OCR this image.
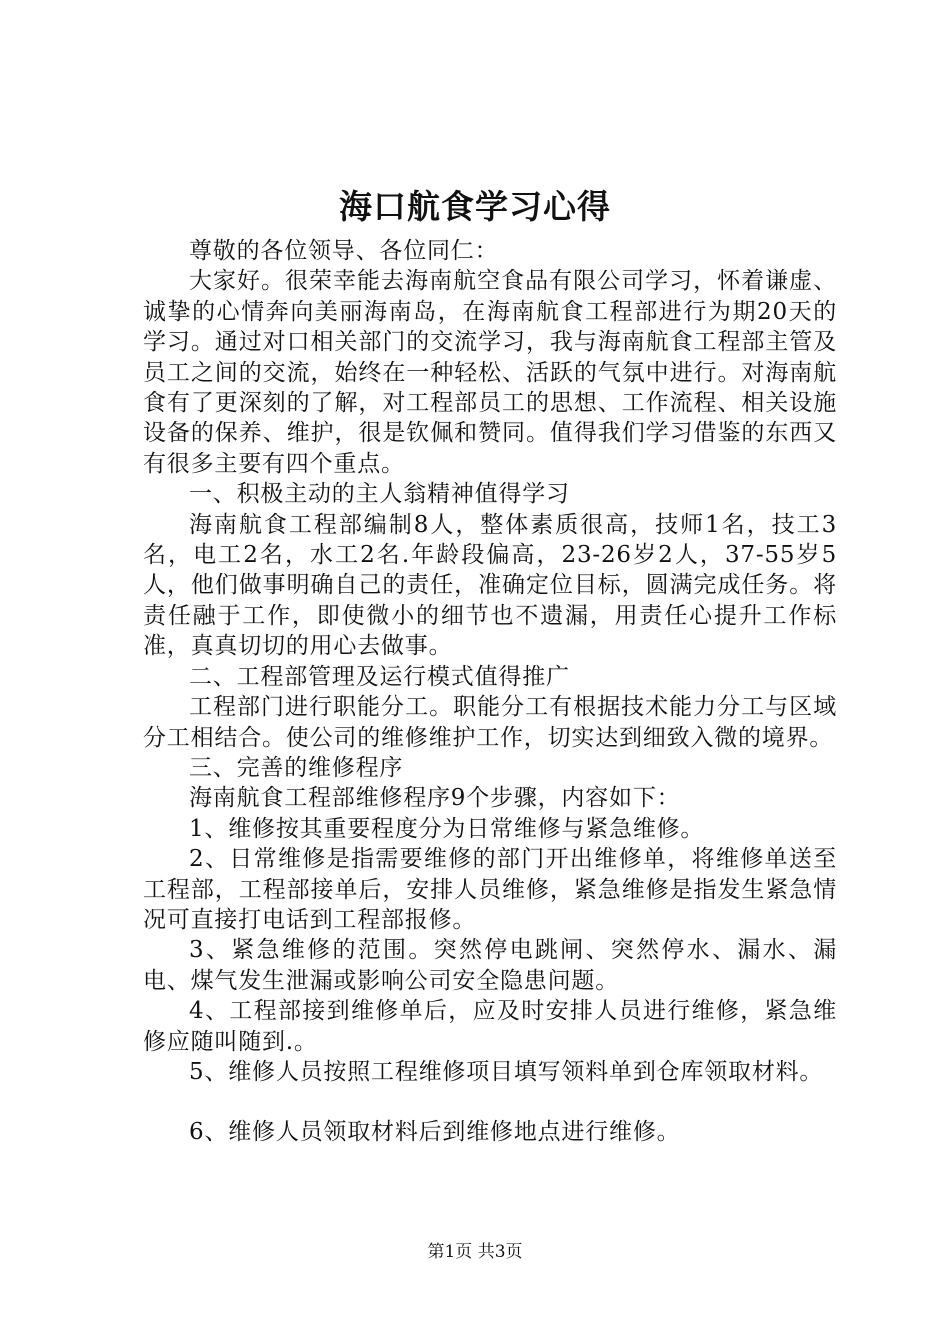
海口航食学习心得

尊敬的各位领导、各位同仁：

大家好。很荣幸能去海南航空食品有限公司学习，怀着谦虚、诚挚的心情奔向美丽海南岛，在海南航食工程部进行为期20天的学习。通过对口相关部门的交流学习，我与海南航食工程部主管及员工之间的交流，始终在一种轻松、活跃的气氛中进行。对海南航食有了更深刻的了解，对工程部员工的思想、工作流程、相关设施设备的保养、维护，很是钦佩和赞同。值得我们学习借鉴的东西又有很多主要有四个重点。

一、积极主动的主人翁精神值得学习

海南航食工程部编制8人，整体素质很高，技师1名，技工3名，电工2名，水工2名.年龄段偏高，23-26岁2人，37-55岁5人，他们做事明确自己的责任，准确定位目标，圆满完成任务。将责任融于工作，即使微小的细节也不遗漏，用责任心提升工作标准，真真切切的用心去做事。

二、工程部管理及运行模式值得推广

工程部门进行职能分工。职能分工有根据技术能力分工与区域分工相结合。使公司的维修维护工作，切实达到细致入微的境界。

三、完善的维修程序

海南航食工程部维修程序9个步骤，内容如下：

1、维修按其重要程度分为日常维修与紧急维修。

2、日常维修是指需要维修的部门开出维修单，将维修单送至工程部，工程部接单后，安排人员维修，紧急维修是指发生紧急情况可直接打电话到工程部报修。

3、紧急维修的范围。突然停电跳闸、突然停水、漏水、漏电、煤气发生泄漏或影响公司安全隐患问题。

4、工程部接到维修单后，应及时安排人员进行维修，紧急维修应随叫随到.。

5、维修人员按照工程维修项目填写领料单到仓库领取材料。

6、维修人员领取材料后到维修地点进行维修。

第1页 共3页
